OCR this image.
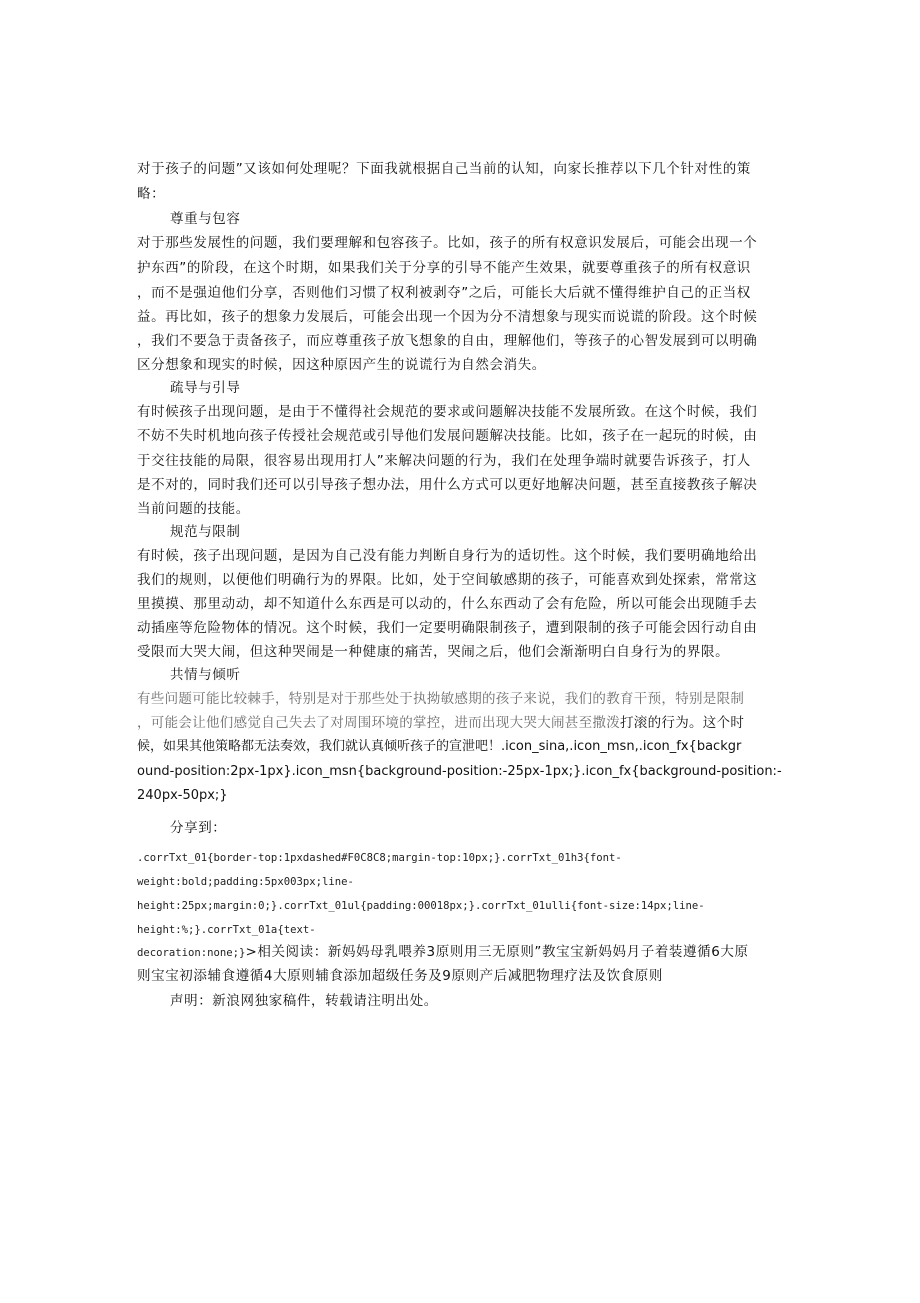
对于孩子的问题”又该如何处理呢？下面我就根据自己当前的认知，向家长推荐以下几个针对性的策
略：
尊重与包容
对于那些发展性的问题，我们要理解和包容孩子。比如，孩子的所有权意识发展后，可能会出现一个
护东西”的阶段，在这个时期，如果我们关于分享的引导不能产生效果，就要尊重孩子的所有权意识
，而不是强迫他们分享，否则他们习惯了权利被剥夺”之后，可能长大后就不懂得维护自己的正当权
益。再比如，孩子的想象力发展后，可能会出现一个因为分不清想象与现实而说谎的阶段。这个时候
，我们不要急于责备孩子，而应尊重孩子放飞想象的自由，理解他们，等孩子的心智发展到可以明确
区分想象和现实的时候，因这种原因产生的说谎行为自然会消失。
疏导与引导
有时候孩子出现问题，是由于不懂得社会规范的要求或问题解决技能不发展所致。在这个时候，我们
不妨不失时机地向孩子传授社会规范或引导他们发展问题解决技能。比如，孩子在一起玩的时候，由
于交往技能的局限，很容易出现用打人”来解决问题的行为，我们在处理争端时就要告诉孩子，打人
是不对的，同时我们还可以引导孩子想办法，用什么方式可以更好地解决问题，甚至直接教孩子解决
当前问题的技能。
规范与限制
有时候，孩子出现问题，是因为自己没有能力判断自身行为的适切性。这个时候，我们要明确地给出
我们的规则，以便他们明确行为的界限。比如，处于空间敏感期的孩子，可能喜欢到处探索，常常这
里摸摸、那里动动，却不知道什么东西是可以动的，什么东西动了会有危险，所以可能会出现随手去
动插座等危险物体的情况。这个时候，我们一定要明确限制孩子，遭到限制的孩子可能会因行动自由
受限而大哭大闹，但这种哭闹是一种健康的痛苦，哭闹之后，他们会渐渐明白自身行为的界限。
共情与倾听
有些问题可能比较棘手，特别是对于那些处于执拗敏感期的孩子来说，我们的教育干预，特别是限制
，可能会让他们感觉自己失去了对周围环境的掌控，进而出现大哭大闹甚至撒泼打滚的行为。这个时
候，如果其他策略都无法奏效，我们就认真倾听孩子的宣泄吧！.icon_sina,.icon_msn,.icon_fx{backgr
ound-position:2px-1px}.icon_msn{background-position:-25px-1px;}.icon_fx{background-position:-
240px-50px;}
分享到：
.corrTxt_01{border-top:1pxdashed#F0C8C8;margin-top:10px;}.corrTxt_01h3{font-
weight:bold;padding:5px003px;line-
height:25px;margin:0;}.corrTxt_01ul{padding:00018px;}.corrTxt_01ulli{font-size:14px;line-
height:%;}.corrTxt_01a{text-
decoration:none;}>相关阅读：新妈妈母乳喂养3原则用三无原则”教宝宝新妈妈月子着装遵循6大原
则宝宝初添辅食遵循4大原则辅食添加超级任务及9原则产后减肥物理疗法及饮食原则
声明：新浪网独家稿件，转载请注明出处。
